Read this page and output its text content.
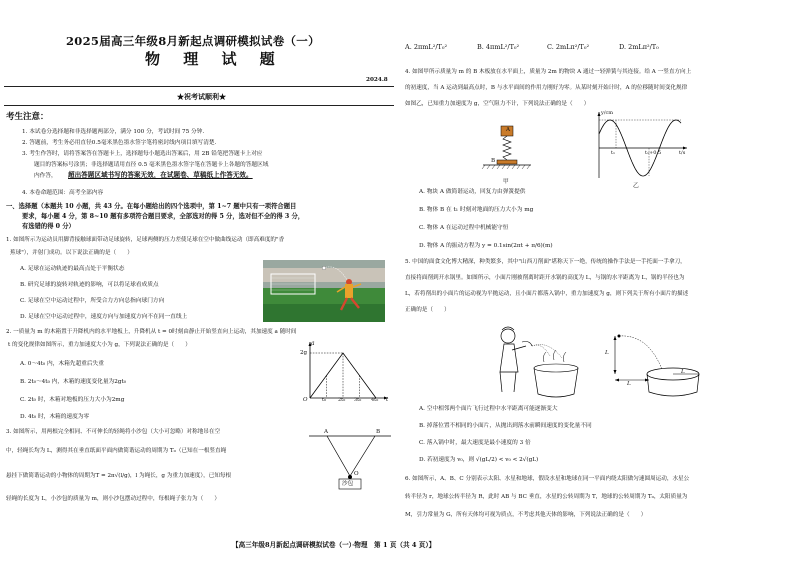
2025届高三年级8月新起点调研模拟试卷（一）
物 理 试 题
2024.8
★祝考试顺利★
考生注意：
1. 本试卷分选择题和非选择题两部分，满分 100 分，考试时间 75 分钟.
2. 答题前，考生务必用直径0.5毫米黑色墨水签字笔将密封线内项目填写清楚.
3. 考生作答时，请将答案答在答题卡上，选择题每小题选出答案后，用 2B 铅笔把答题卡上对应
题目的答案标号涂黑；非选择题请用直径 0.5 毫米黑色墨水签字笔在答题卡上各题的答题区域
内作答， 超出答题区域书写的答案无效，在试题卷、草稿纸上作答无效。
4. 本卷命题范围：高考全部内容
一、选择题（本题共 10 小题，共 43 分。在每小题给出的四个选项中，第 1~7 题中只有一项符合题目
要求，每小题 4 分，第 8~10 题有多项符合题目要求，全部选对的得 5 分，选对但不全的得 3 分，
有选错的得 0 分）
1. 如图所示为运动员用脚背接触球面带动足球旋转，足球两侧的压力差使足球在空中做曲线运动（即高难度的"香
蕉球"），并射门成功。以下说法正确的是（　　）
A. 足球在运动轨迹的最高点处于平衡状态
B. 研究足球的旋转对轨迹的影响，可以将足球看成质点
C. 足球在空中运动过程中，所受合力方向总指向球门方向
D. 足球在空中运动过程中，速度方向与加速度方向不在同一直线上
2. 一质量为 m 的木箱置于升降机内的水平地板上，升降机从 t = 0时刻由静止开始竖直向上运动，其加速度 a 随时间
t 的变化规律如图所示，重力加速度大小为 g，下列说法正确的是（　　）
A. 0～4t₀ 内，木箱先超重后失重
B. 2t₀～4t₀ 内，木箱的速度变化量为2gt₀
C. 2t₀ 时，木箱对地板的压力大小为2mg
D. 4t₀ 时，木箱的速度为零
a
2g
O	t₀ 2t₀ 3t₀ 4t₀ t
3. 如图所示，用两根完全相同、不可伸长的轻绳将小沙包（大小可忽略）对称地吊在空
中，轻绳长均为 L，测得其在垂直纸面平面内做简谐运动的周期为 T₀（已知在一根竖直绳
悬挂下做简谐运动的小物体的周期为T = 2π√(l/g)，l 为绳长，g 为重力加速度），已知每根
轻绳的长度为 L，小沙包的质量为 m，则小沙包摆动过程中，每根绳子张力为（　　）
A	B
O
沙包
【高三年级8月新起点调研模拟试卷（一）·物理　第 1 页（共 4 页）】
A. 2πmL²/T₀²	B. 4πmL²/T₀²	C. 2mLπ²/T₀²	D. 2mLπ²/T₀
4. 如图甲所示质量为 m 的 B 木板放在水平面上，质量为 2m 的物块 A 通过一轻弹簧与其连接。给 A 一竖直方向上
的初速度，当 A 运动到最高点时，B 与水平面间的作用力刚好为零。从某时刻开始计时，A 的位移随时间变化规律
如图乙，已知重力加速度为 g，空气阻力不计，下列说法正确的是（　　）
A
B
甲
y/cm
t₁	t₁+0.5	t/s
乙
A. 物块 A 做简谐运动，回复力由弹簧提供
B. 物体 B 在 t₁ 时刻对地面的压力大小为 mg
C. 物体 A 在运动过程中机械能守恒
D. 物体 A 的振动方程为 y = 0.1sin(2πt + π/6)(m)
5. 中国的面食文化博大精深，种类繁多，其中"山西刀削面"堪称天下一绝，传统的操作手法是一手托面一手拿刀，
直接将面削到开水锅里。如图所示，小面片刚被削离时距开水锅的高度为 L，与锅的水平距离为 L，锅的半径也为
L，若将削出的小面片的运动视为平抛运动，且小面片都落入锅中，重力加速度为 g，则下列关于所有小面片的描述
正确的是（　　）
L
L
L
A. 空中相邻两个面片飞行过程中水平距离可能逐渐变大
B. 掉落位置不相同的小面片，从抛出到落水前瞬间速度的变化量不同
C. 落入锅中时，最大速度是最小速度的 3 倍
D. 若初速度为 v₀，则 √(gL/2) < v₀ < 2√(gL)
6. 如图所示，A、B、C 分别表示太阳、水星和地球，假设水星和地球在同一平面内绕太阳做匀速圆周运动，水星公
转半径为 r，地球公转半径为 R，此时 AB 与 BC 垂直，水星的公转周期为 T，地球的公转周期为 T₀，太阳质量为
M，引力常量为 G，所有天体均可视为质点，不考虑其他天体的影响，下列说法正确的是（　　）
